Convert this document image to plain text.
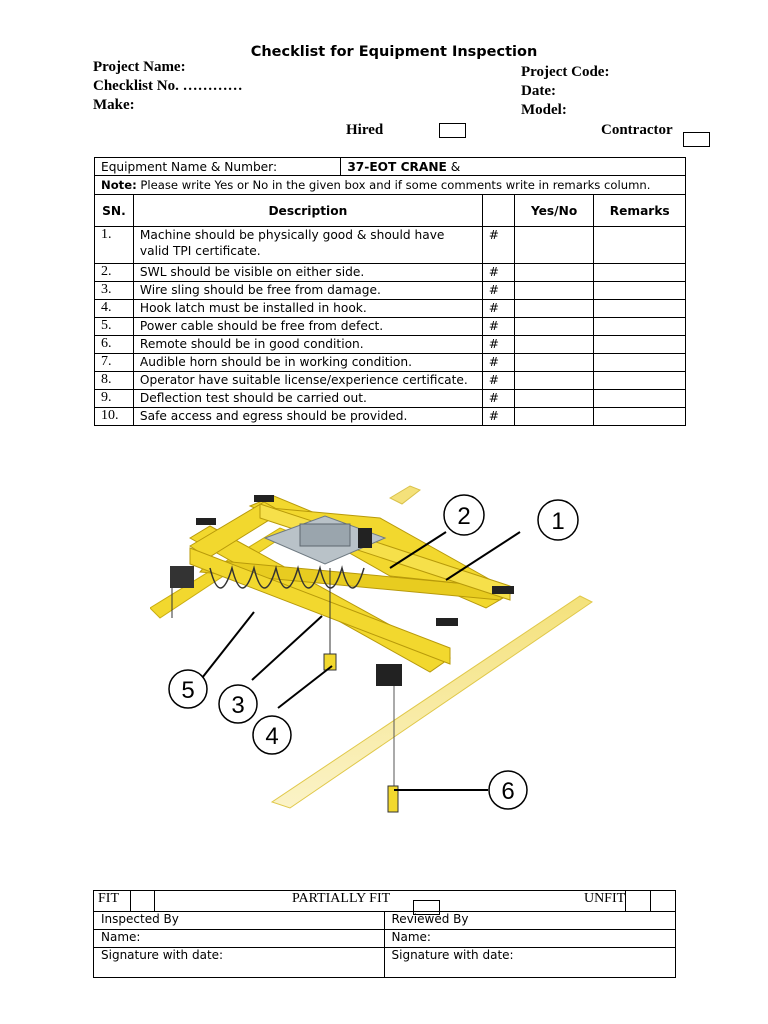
Checklist for Equipment Inspection
Project Name:
Checklist No. …………
Make:
Project Code:
Date:
Model:
Hired	Contractor
Equipment Name & Number:		37-EOT CRANE &			
Note: Please write Yes or No in the given box and if some comments write in remarks column.					
SN.	Description			Yes/No	Remarks
1.	Machine should be physically good & should have valid TPI certificate.		#		
2.	SWL should be visible on either side.		#		
3.	Wire sling should be free from damage.		#		
4.	Hook latch must be installed in hook.		#		
5.	Power cable should be free from defect.		#		
6.	Remote should be in good condition.		#		
7.	Audible horn should be in working condition.		#		
8.	Operator have suitable license/experience certificate.		#		
9.	Deflection test should be carried out.		#		
10.	Safe access and egress should be provided.		#		
1
2
3
4
5
6
FIT		PARTIALLY FIT	UNFIT

Inspected By	Reviewed By
Name:	Name:
Signature with date:	Signature with date:
